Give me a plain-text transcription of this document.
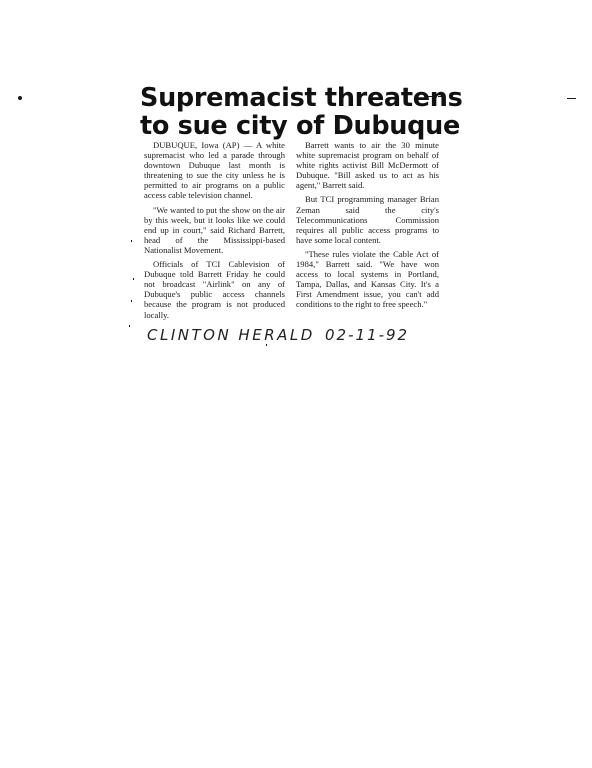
Supremacist threatens
to sue city of Dubuque

DUBUQUE, Iowa (AP) — A white supremacist who led a parade through downtown Dubuque last month is threatening to sue the city unless he is permitted to air programs on a public access cable television channel.

"We wanted to put the show on the air by this week, but it looks like we could end up in court," said Richard Barrett, head of the Mississippi-based Nationalist Movement.

Officials of TCI Cablevision of Dubuque told Barrett Friday he could not broadcast "Airlink" on any of Dubuque's public access channels because the program is not produced locally.

Barrett wants to air the 30 minute white supremacist program on behalf of white rights activist Bill McDermott of Dubuque. "Bill asked us to act as his agent," Barrett said.

But TCI programming manager Brian Zeman said the city's Telecommunications Commission requires all public access programs to have some local content.

"These rules violate the Cable Act of 1984," Barrett said. "We have won access to local systems in Portland, Tampa, Dallas, and Kansas City. It's a First Amendment issue, you can't add conditions to the right to free speech."

CLINTON HERALD 02-11-92
